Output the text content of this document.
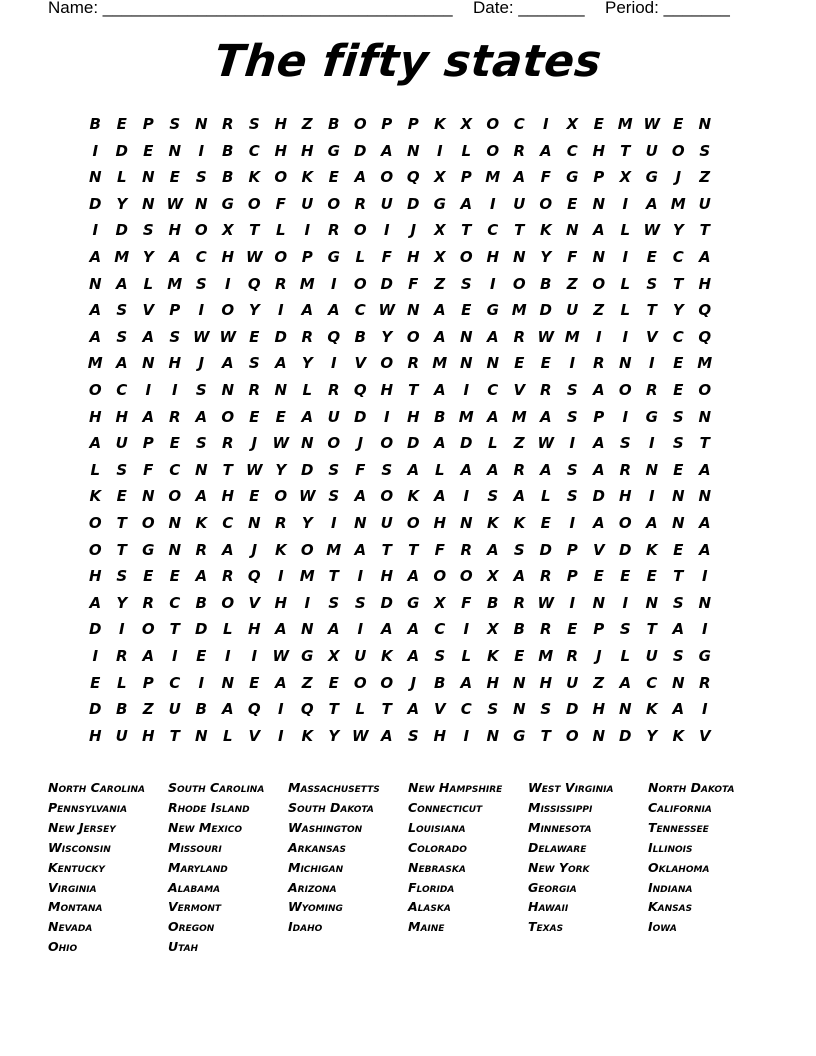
Name: _____________________________________ Date: _______ Period: _______
The fifty states
B	E	P	S N R	S H Z	B O P	P	K X O C	I	X	E M W E	N
I	D	E	N	I	B	C H H G D A N	I	L	O R A	C H	T	U O S
N	L	N	E	S	B K O K	E	A O Q X	P M A	F	G P	X G	J	Z
D Y N W N G O	F	U O R U D G A	I	U O	E	N	I	A M U
I	D S H O X	T	L	I	R O	I	J	X	T	C	T	K N A	L W Y	T
A M Y	A	C H W O P G	L	F	H X O H N Y	F	N	I	E	C	A
N A	L M S	I	Q R M	I	O D	F	Z	S	I	O B	Z O	L	S	T	H
A	S	V	P	I	O Y	I	A A	C W N A	E	G M D U Z	L	T	Y Q
A	S	A	S W W E	D R Q B	Y O A N A R W M	I	I	V	C Q
M A N H	J	A	S	A	Y	I	V O R M N N	E	E	I	R N	I	E M
O C	I	I	S N R N	L	R Q H	T	A	I	C	V R	S	A O R	E O
H H A R A O	E	E	A U D	I	H B M A M A	S	P	I	G S N
A U P	E	S	R	J	W N O	J	O D A D	L	Z W	I	A	S	I	S	T
L	S	F	C N	T W Y D S	F	S	A	L	A A R A	S	A R N	E	A
K	E	N O A H	E O W S	A O K A	I	S	A	L	S D H	I	N N
O	T	O N K	C N R	Y	I	N U O H N K K	E	I	A O A N A
O	T	G N R A	J	K O M A	T	T	F	R A	S D P	V D K	E	A
H S	E	E	A R Q	I	M T	I	H A O O X A R	P	E	E	E	T	I
A	Y	R	C	B O V H	I	S	S D G X	F	B	R W	I	N	I	N S N
D	I	O	T	D	L	H A N A	I	A A	C	I	X	B	R	E	P	S	T	A	I
I	R A	I	E	I	I	W G X U K A	S	L	K	E M R	J	L	U	S G
E	L	P	C	I	N	E	A	Z	E O O	J	B A H N H U Z	A	C N R
D B	Z U B A Q	I	Q	T	L	T	A V	C	S N S D H N K A	I
H U H	T	N	L	V	I	K	Y W A	S H	I	N G	T	O N D Y	K V
North Carolina
Pennsylvania
New Jersey
Wisconsin
Kentucky
Virginia
Montana
Nevada
Ohio
South Carolina
Rhode Island
New Mexico
Missouri
Maryland
Alabama
Vermont
Oregon
Utah
Massachusetts
South Dakota
Washington
Arkansas
Michigan
Arizona
Wyoming
Idaho
New Hampshire
Connecticut
Louisiana
Colorado
Nebraska
Florida
Alaska
Maine
West Virginia
Mississippi
Minnesota
Delaware
New York
Georgia
Hawaii
Texas
North Dakota
California
Tennessee
Illinois
Oklahoma
Indiana
Kansas
Iowa
